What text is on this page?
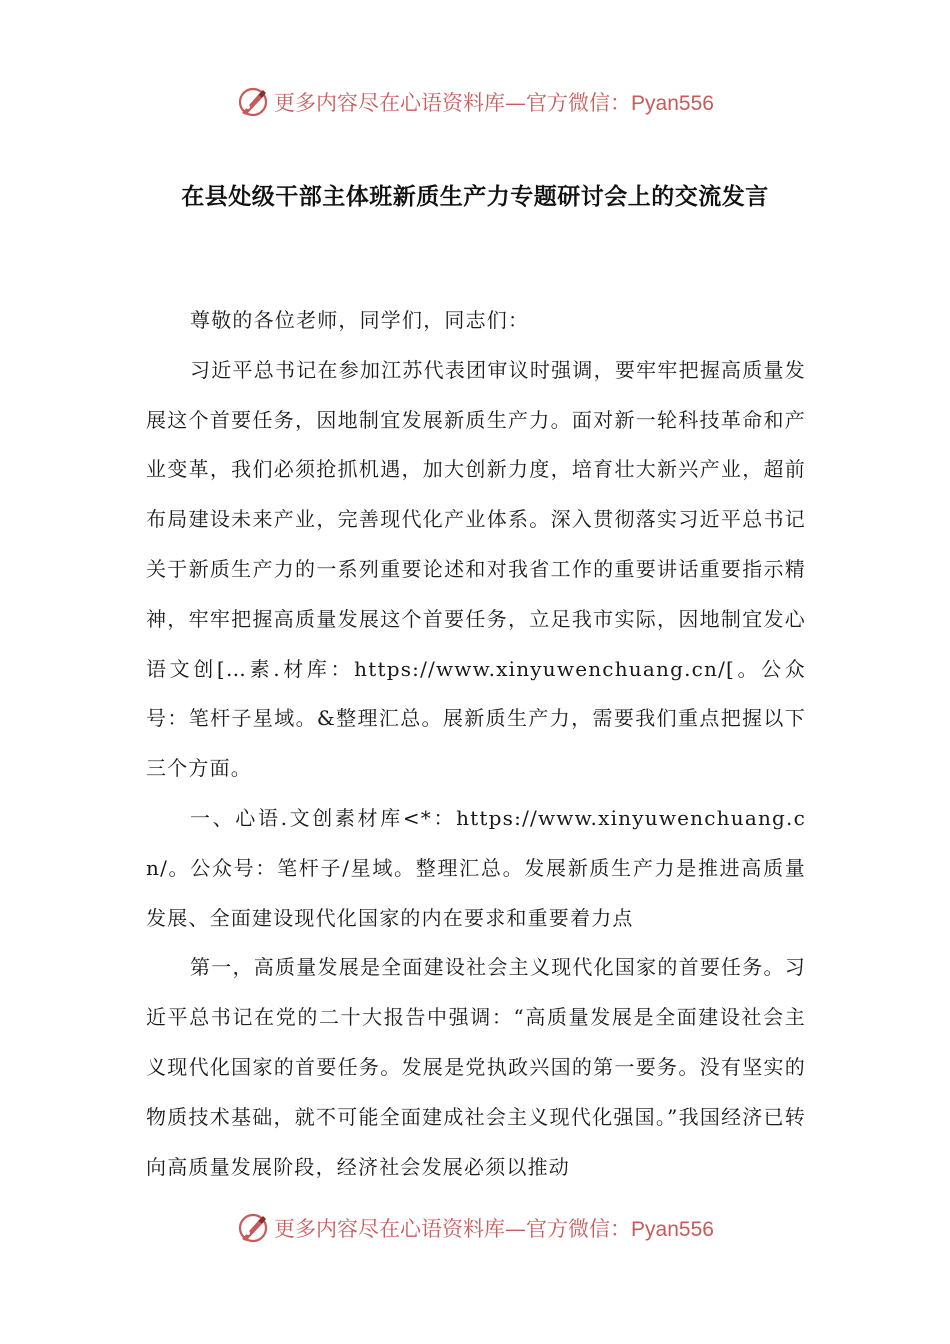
更多内容尽在心语资料库—官方微信：Pyan556
在县处级干部主体班新质生产力专题研讨会上的交流发言

尊敬的各位老师，同学们，同志们：

习近平总书记在参加江苏代表团审议时强调，要牢牢把握高质量发展这个首要任务，因地制宜发展新质生产力。面对新一轮科技革命和产业变革，我们必须抢抓机遇，加大创新力度，培育壮大新兴产业，超前布局建设未来产业，完善现代化产业体系。深入贯彻落实习近平总书记关于新质生产力的一系列重要论述和对我省工作的重要讲话重要指示精神，牢牢把握高质量发展这个首要任务，立足我市实际，因地制宜发心语文创[…素.材库：https://www.xinyuwenchuang.cn/[。公众号：笔杆子星域。&整理汇总。展新质生产力，需要我们重点把握以下三个方面。

一、心语.文创素材库<*：https://www.xinyuwenchuang.cn/。公众号：笔杆子/星域。整理汇总。发展新质生产力是推进高质量发展、全面建设现代化国家的内在要求和重要着力点

第一，高质量发展是全面建设社会主义现代化国家的首要任务。习近平总书记在党的二十大报告中强调：“高质量发展是全面建设社会主义现代化国家的首要任务。发展是党执政兴国的第一要务。没有坚实的物质技术基础，就不可能全面建成社会主义现代化强国。”我国经济已转向高质量发展阶段，经济社会发展必须以推动

更多内容尽在心语资料库—官方微信：Pyan556
